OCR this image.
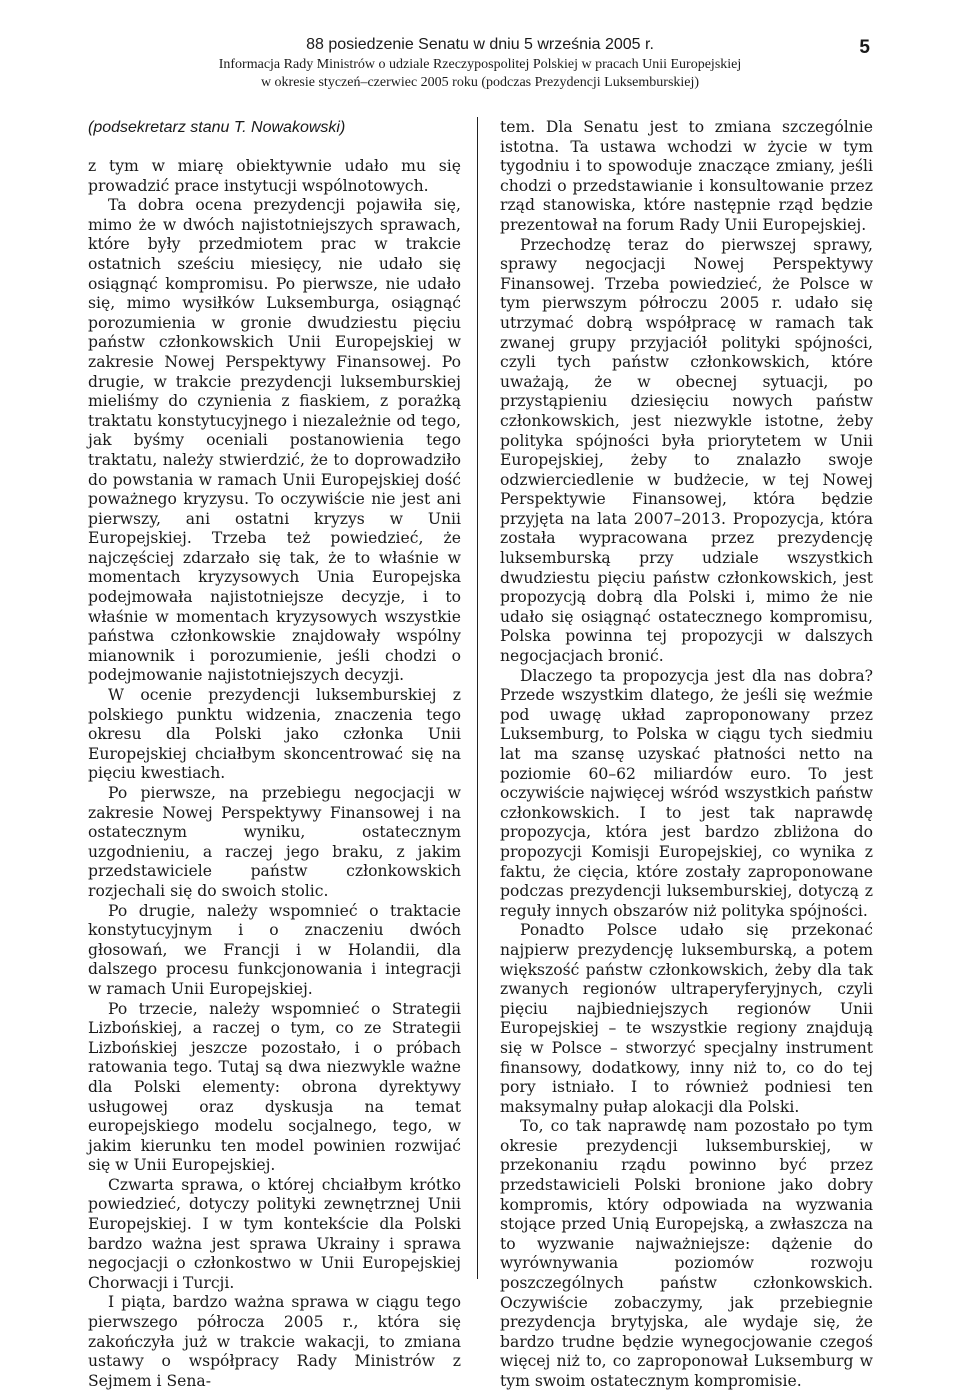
88 posiedzenie Senatu w dniu 5 września 2005 r.
Informacja Rady Ministrów o udziale Rzeczypospolitej Polskiej w pracach Unii Europejskiej
w okresie styczeń–czerwiec 2005 roku (podczas Prezydencji Luksemburskiej)
5
(podsekretarz stanu T. Nowakowski)

z tym w miarę obiektywnie udało mu się prowadzić prace instytucji wspólnotowych.

Ta dobra ocena prezydencji pojawiła się, mimo że w dwóch najistotniejszych sprawach, które były przedmiotem prac w trakcie ostatnich sześciu miesięcy, nie udało się osiągnąć kompromisu. Po pierwsze, nie udało się, mimo wysiłków Luksemburga, osiągnąć porozumienia w gronie dwudziestu pięciu państw członkowskich Unii Europejskiej w zakresie Nowej Perspektywy Finansowej. Po drugie, w trakcie prezydencji luksemburskiej mieliśmy do czynienia z fiaskiem, z porażką traktatu konstytucyjnego i niezależnie od tego, jak byśmy oceniali postanowienia tego traktatu, należy stwierdzić, że to doprowadziło do powstania w ramach Unii Europejskiej dość poważnego kryzysu. To oczywiście nie jest ani pierwszy, ani ostatni kryzys w Unii Europejskiej. Trzeba też powiedzieć, że najczęściej zdarzało się tak, że to właśnie w momentach kryzysowych Unia Europejska podejmowała najistotniejsze decyzje, i to właśnie w momentach kryzysowych wszystkie państwa członkowskie znajdowały wspólny mianownik i porozumienie, jeśli chodzi o podejmowanie najistotniejszych decyzji.

W ocenie prezydencji luksemburskiej z polskiego punktu widzenia, znaczenia tego okresu dla Polski jako członka Unii Europejskiej chciałbym skoncentrować się na pięciu kwestiach.

Po pierwsze, na przebiegu negocjacji w zakresie Nowej Perspektywy Finansowej i na ostatecznym wyniku, ostatecznym uzgodnieniu, a raczej jego braku, z jakim przedstawiciele państw członkowskich rozjechali się do swoich stolic.

Po drugie, należy wspomnieć o traktacie konstytucyjnym i o znaczeniu dwóch głosowań, we Francji i w Holandii, dla dalszego procesu funkcjonowania i integracji w ramach Unii Europejskiej.

Po trzecie, należy wspomnieć o Strategii Lizbońskiej, a raczej o tym, co ze Strategii Lizbońskiej jeszcze pozostało, i o próbach ratowania tego. Tutaj są dwa niezwykle ważne dla Polski elementy: obrona dyrektywy usługowej oraz dyskusja na temat europejskiego modelu socjalnego, tego, w jakim kierunku ten model powinien rozwijać się w Unii Europejskiej.

Czwarta sprawa, o której chciałbym krótko powiedzieć, dotyczy polityki zewnętrznej Unii Europejskiej. I w tym kontekście dla Polski bardzo ważna jest sprawa Ukrainy i sprawa negocjacji o członkostwo w Unii Europejskiej Chorwacji i Turcji.

I piąta, bardzo ważna sprawa w ciągu tego pierwszego półrocza 2005 r., która się zakończyła już w trakcie wakacji, to zmiana ustawy o współpracy Rady Ministrów z Sejmem i Sena-

tem. Dla Senatu jest to zmiana szczególnie istotna. Ta ustawa wchodzi w życie w tym tygodniu i to spowoduje znaczące zmiany, jeśli chodzi o przedstawianie i konsultowanie przez rząd stanowiska, które następnie rząd będzie prezentował na forum Rady Unii Europejskiej.

Przechodzę teraz do pierwszej sprawy, sprawy negocjacji Nowej Perspektywy Finansowej. Trzeba powiedzieć, że Polsce w tym pierwszym półroczu 2005 r. udało się utrzymać dobrą współpracę w ramach tak zwanej grupy przyjaciół polityki spójności, czyli tych państw członkowskich, które uważają, że w obecnej sytuacji, po przystąpieniu dziesięciu nowych państw członkowskich, jest niezwykle istotne, żeby polityka spójności była priorytetem w Unii Europejskiej, żeby to znalazło swoje odzwierciedlenie w budżecie, w tej Nowej Perspektywie Finansowej, która będzie przyjęta na lata 2007–2013. Propozycja, która została wypracowana przez prezydencję luksemburską przy udziale wszystkich dwudziestu pięciu państw członkowskich, jest propozycją dobrą dla Polski i, mimo że nie udało się osiągnąć ostatecznego kompromisu, Polska powinna tej propozycji w dalszych negocjacjach bronić.

Dlaczego ta propozycja jest dla nas dobra? Przede wszystkim dlatego, że jeśli się weźmie pod uwagę układ zaproponowany przez Luksemburg, to Polska w ciągu tych siedmiu lat ma szansę uzyskać płatności netto na poziomie 60–62 miliardów euro. To jest oczywiście najwięcej wśród wszystkich państw członkowskich. I to jest tak naprawdę propozycja, która jest bardzo zbliżona do propozycji Komisji Europejskiej, co wynika z faktu, że cięcia, które zostały zaproponowane podczas prezydencji luksemburskiej, dotyczą z reguły innych obszarów niż polityka spójności.

Ponadto Polsce udało się przekonać najpierw prezydencję luksemburską, a potem większość państw członkowskich, żeby dla tak zwanych regionów ultraperyferyjnych, czyli pięciu najbiedniejszych regionów Unii Europejskiej – te wszystkie regiony znajdują się w Polsce – stworzyć specjalny instrument finansowy, dodatkowy, inny niż to, co do tej pory istniało. I to również podniesi ten maksymalny pułap alokacji dla Polski.

To, co tak naprawdę nam pozostało po tym okresie prezydencji luksemburskiej, w przekonaniu rządu powinno być przez przedstawicieli Polski bronione jako dobry kompromis, który odpowiada na wyzwania stojące przed Unią Europejską, a zwłaszcza na to wyzwanie najważniejsze: dążenie do wyrównywania poziomów rozwoju poszczególnych państw członkowskich. Oczywiście zobaczymy, jak przebiegnie prezydencja brytyjska, ale wydaje się, że bardzo trudne będzie wynegocjowanie czegoś więcej niż to, co zaproponował Luksemburg w tym swoim ostatecznym kompromisie.
